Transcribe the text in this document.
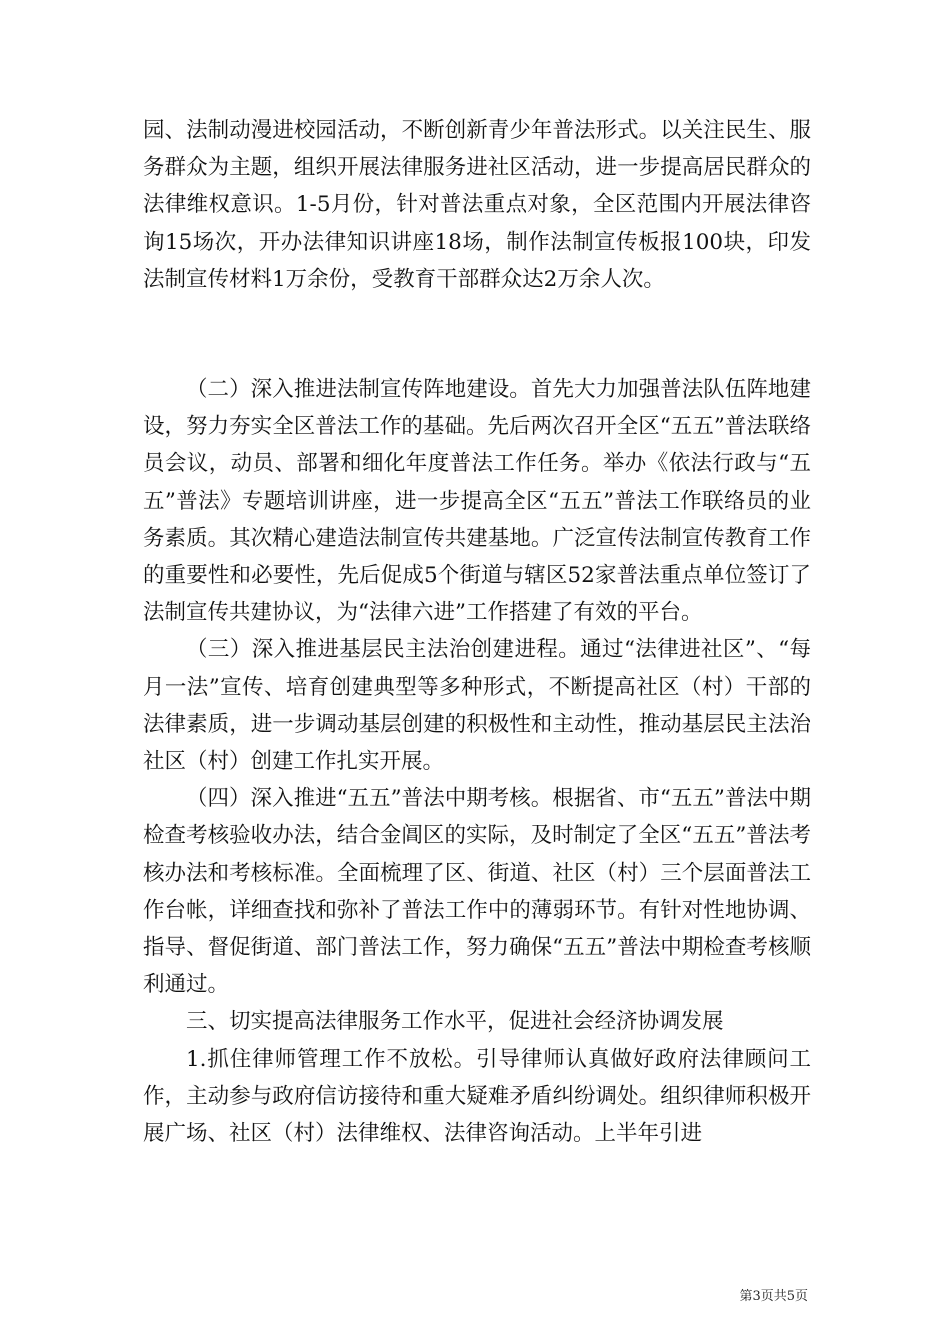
园、法制动漫进校园活动，不断创新青少年普法形式。以关注民生、服务群众为主题，组织开展法律服务进社区活动，进一步提高居民群众的法律维权意识。1-5月份，针对普法重点对象，全区范围内开展法律咨询15场次，开办法律知识讲座18场，制作法制宣传板报100块，印发法制宣传材料1万余份，受教育干部群众达2万余人次。

（二）深入推进法制宣传阵地建设。首先大力加强普法队伍阵地建设，努力夯实全区普法工作的基础。先后两次召开全区“五五”普法联络员会议，动员、部署和细化年度普法工作任务。举办《依法行政与“五五”普法》专题培训讲座，进一步提高全区“五五”普法工作联络员的业务素质。其次精心建造法制宣传共建基地。广泛宣传法制宣传教育工作的重要性和必要性，先后促成5个街道与辖区52家普法重点单位签订了法制宣传共建协议，为“法律六进”工作搭建了有效的平台。

（三）深入推进基层民主法治创建进程。通过“法律进社区”、“每月一法”宣传、培育创建典型等多种形式，不断提高社区（村）干部的法律素质，进一步调动基层创建的积极性和主动性，推动基层民主法治社区（村）创建工作扎实开展。

（四）深入推进“五五”普法中期考核。根据省、市“五五”普法中期检查考核验收办法，结合金阊区的实际，及时制定了全区“五五”普法考核办法和考核标准。全面梳理了区、街道、社区（村）三个层面普法工作台帐，详细查找和弥补了普法工作中的薄弱环节。有针对性地协调、指导、督促街道、部门普法工作，努力确保“五五”普法中期检查考核顺利通过。

三、切实提高法律服务工作水平，促进社会经济协调发展

1.抓住律师管理工作不放松。引导律师认真做好政府法律顾问工作，主动参与政府信访接待和重大疑难矛盾纠纷调处。组织律师积极开展广场、社区（村）法律维权、法律咨询活动。上半年引进

第3页共5页
